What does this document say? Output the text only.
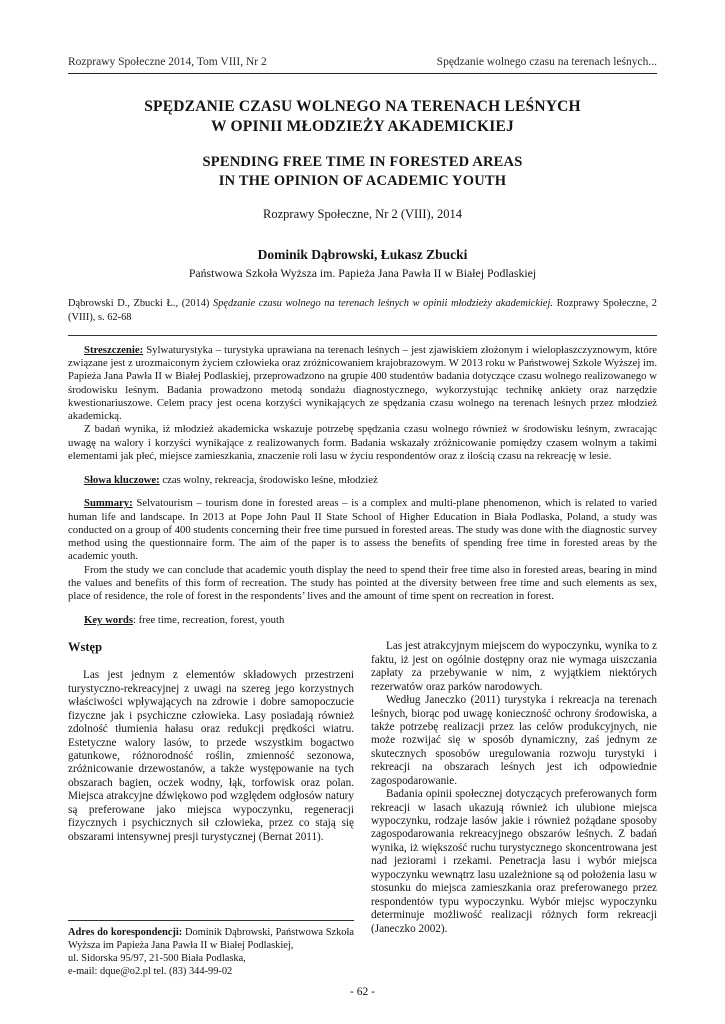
Rozprawy Społeczne 2014, Tom VIII, Nr 2	Spędzanie wolnego czasu na terenach leśnych...
SPĘDZANIE CZASU WOLNEGO NA TERENACH LEŚNYCH
W OPINII MŁODZIEŻY AKADEMICKIEJ
SPENDING FREE TIME IN FORESTED AREAS
IN THE OPINION OF ACADEMIC YOUTH
Rozprawy Społeczne, Nr 2 (VIII), 2014
Dominik Dąbrowski, Łukasz Zbucki
Państwowa Szkoła Wyższa im. Papieża Jana Pawła II w Białej Podlaskiej
Dąbrowski D., Zbucki Ł., (2014) Spędzanie czasu wolnego na terenach leśnych w opinii młodzieży akademickiej. Rozprawy Społeczne, 2 (VIII), s. 62-68

Streszczenie: Sylwaturystyka – turystyka uprawiana na terenach leśnych – jest zjawiskiem złożonym i wielopłaszczyznowym, które związane jest z urozmaiconym życiem człowieka oraz zróżnicowaniem krajobrazowym. W 2013 roku w Państwowej Szkole Wyższej im. Papieża Jana Pawła II w Białej Podlaskiej, przeprowadzono na grupie 400 studentów badania dotyczące czasu wolnego realizowanego w środowisku leśnym. Badania prowadzono metodą sondażu diagnostycznego, wykorzystując technikę ankiety oraz narzędzie kwestionariuszowe. Celem pracy jest ocena korzyści wynikających ze spędzania czasu wolnego na terenach leśnych przez młodzież akademicką.

Z badań wynika, iż młodzież akademicka wskazuje potrzebę spędzania czasu wolnego również w środowisku leśnym, zwracając uwagę na walory i korzyści wynikające z realizowanych form. Badania wskazały zróżnicowanie pomiędzy czasem wolnym a takimi elementami jak płeć, miejsce zamieszkania, znaczenie roli lasu w życiu respondentów oraz z ilością czasu na rekreację w lesie.

Słowa kluczowe: czas wolny, rekreacja, środowisko leśne, młodzież

Summary: Selvatourism – tourism done in forested areas – is a complex and multi-plane phenomenon, which is related to varied human life and landscape. In 2013 at Pope John Paul II State School of Higher Education in Biała Podlaska, Poland, a study was conducted on a group of 400 students concerning their free time pursued in forested areas. The study was done with the diagnostic survey method using the questionnaire form. The aim of the paper is to assess the benefits of spending free time in forested areas by the academic youth.

From the study we can conclude that academic youth display the need to spend their free time also in forested areas, bearing in mind the values and benefits of this form of recreation. The study has pointed at the diversity between free time and such elements as sex, place of residence, the role of forest in the respondents’ lives and the amount of time spent on recreation in forest.

Key words: free time, recreation, forest, youth
Wstęp

Las jest jednym z elementów składowych przestrzeni turystyczno-rekreacyjnej z uwagi na szereg jego korzystnych właściwości wpływających na zdrowie i dobre samopoczucie fizyczne jak i psychiczne człowieka. Lasy posiadają również zdolność tłumienia hałasu oraz redukcji prędkości wiatru. Estetyczne walory lasów, to przede wszystkim bogactwo gatunkowe, różnorodność roślin, zmienność sezonowa, zróżnicowanie drzewostanów, a także występowanie na tych obszarach bagien, oczek wodny, łąk, torfowisk oraz polan. Miejsca atrakcyjne dźwiękowo pod względem odgłosów natury są preferowane jako miejsca wypoczynku, regeneracji fizycznych i psychicznych sił człowieka, przez co stają się obszarami intensywnej presji turystycznej (Bernat 2011).

Adres do korespondencji: Dominik Dąbrowski, Państwowa Szkoła Wyższa im Papieża Jana Pawła II w Białej Podlaskiej,
ul. Sidorska 95/97, 21-500 Biała Podlaska,
e-mail: dque@o2.pl tel. (83) 344-99-02

Las jest atrakcyjnym miejscem do wypoczynku, wynika to z faktu, iż jest on ogólnie dostępny oraz nie wymaga uiszczania zapłaty za przebywanie w nim, z wyjątkiem niektórych rezerwatów oraz parków narodowych.

Według Janeczko (2011) turystyka i rekreacja na terenach leśnych, biorąc pod uwagę konieczność ochrony środowiska, a także potrzebę realizacji przez las celów produkcyjnych, nie może rozwijać się w sposób dynamiczny, zaś jednym ze skutecznych sposobów uregulowania rozwoju turystyki i rekreacji na obszarach leśnych jest ich odpowiednie zagospodarowanie.

Badania opinii społecznej dotyczących preferowanych form rekreacji w lasach ukazują również ich ulubione miejsca wypoczynku, rodzaje lasów jakie i również pożądane sposoby zagospodarowania rekreacyjnego obszarów leśnych. Z badań wynika, iż większość ruchu turystycznego skoncentrowana jest nad jeziorami i rzekami. Penetracja lasu i wybór miejsca wypoczynku wewnątrz lasu uzależnione są od położenia lasu w stosunku do miejsca zamieszkania oraz preferowanego przez respondentów typu wypoczynku. Wybór miejsc wypoczynku determinuje możliwość realizacji różnych form rekreacji (Janeczko 2002).

- 62 -
